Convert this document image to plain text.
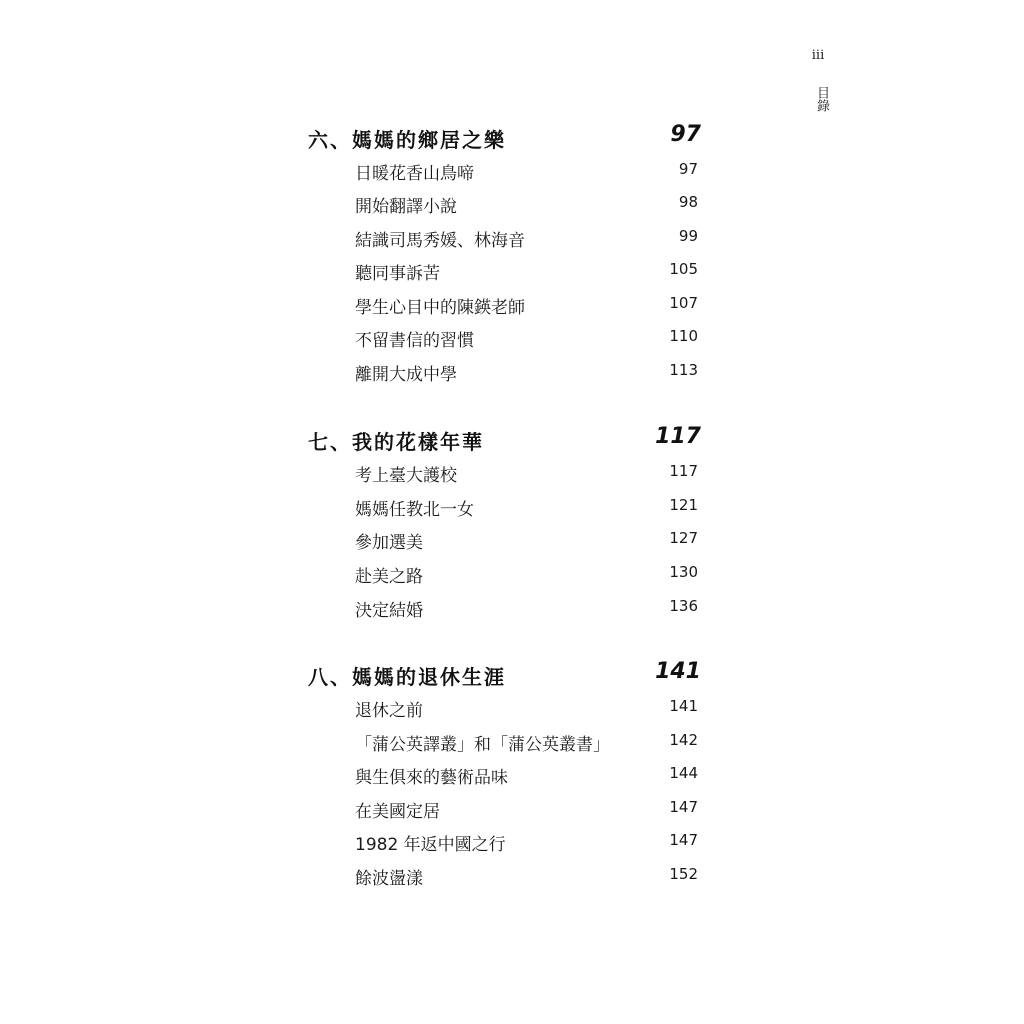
iii
目錄
六、媽媽的鄉居之樂	97
日暖花香山鳥啼	97
開始翻譯小說	98
結識司馬秀媛、林海音	99
聽同事訴苦	105
學生心目中的陳鍈老師	107
不留書信的習慣	110
離開大成中學	113
七、我的花樣年華	117
考上臺大護校	117
媽媽任教北一女	121
參加選美	127
赴美之路	130
決定結婚	136
八、媽媽的退休生涯	141
退休之前	141
「蒲公英譯叢」和「蒲公英叢書」	142
與生俱來的藝術品味	144
在美國定居	147
1982 年返中國之行	147
餘波盪漾	152
